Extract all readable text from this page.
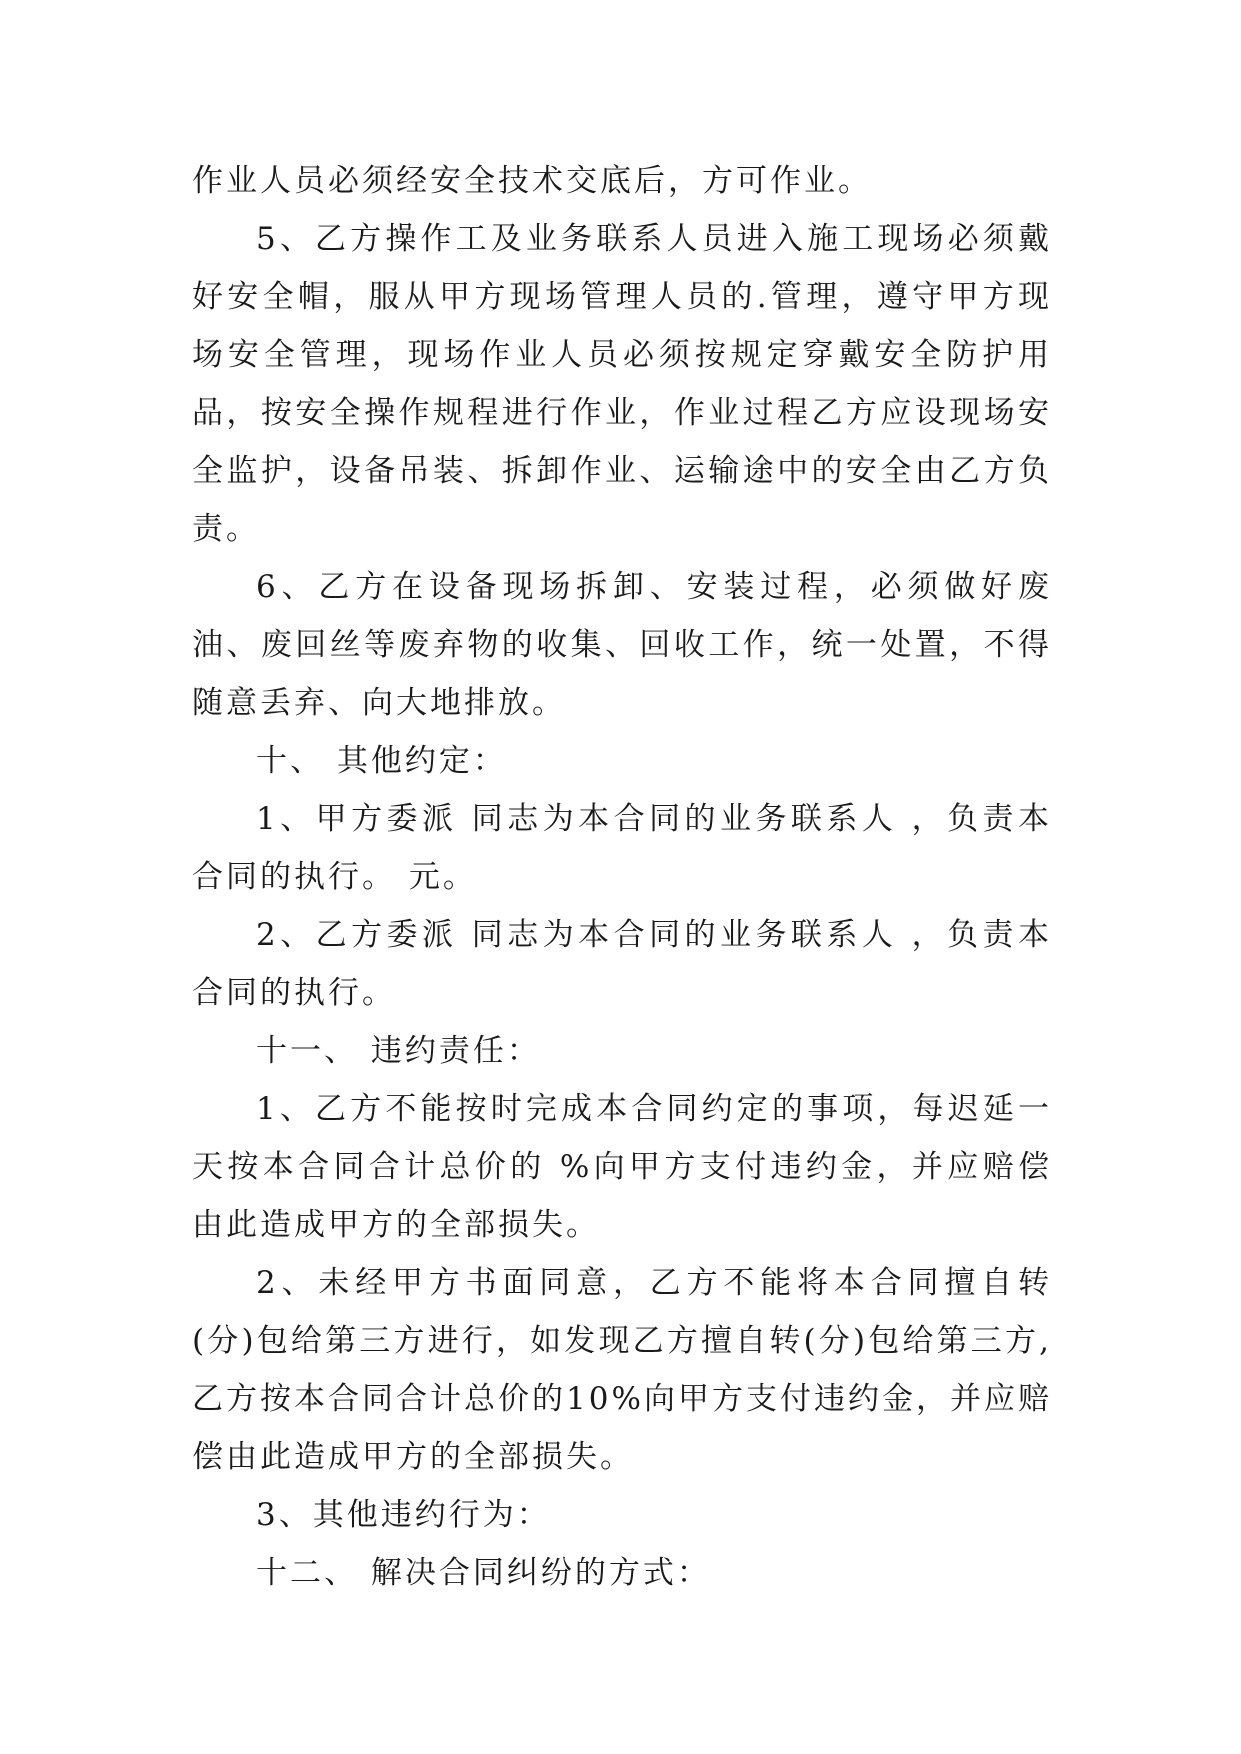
作业人员必须经安全技术交底后，方可作业。

5、乙方操作工及业务联系人员进入施工现场必须戴好安全帽，服从甲方现场管理人员的.管理，遵守甲方现场安全管理，现场作业人员必须按规定穿戴安全防护用品，按安全操作规程进行作业，作业过程乙方应设现场安全监护，设备吊装、拆卸作业、运输途中的安全由乙方负责。

6、乙方在设备现场拆卸、安装过程，必须做好废油、废回丝等废弃物的收集、回收工作，统一处置，不得随意丢弃、向大地排放。

十、 其他约定：

1、甲方委派 同志为本合同的业务联系人 ，负责本合同的执行。 元。

2、乙方委派 同志为本合同的业务联系人 ，负责本合同的执行。

十一、 违约责任：

1、乙方不能按时完成本合同约定的事项，每迟延一天按本合同合计总价的 %向甲方支付违约金，并应赔偿由此造成甲方的全部损失。

2、未经甲方书面同意，乙方不能将本合同擅自转(分)包给第三方进行，如发现乙方擅自转(分)包给第三方,乙方按本合同合计总价的10%向甲方支付违约金，并应赔偿由此造成甲方的全部损失。

3、其他违约行为：

十二、 解决合同纠纷的方式：
